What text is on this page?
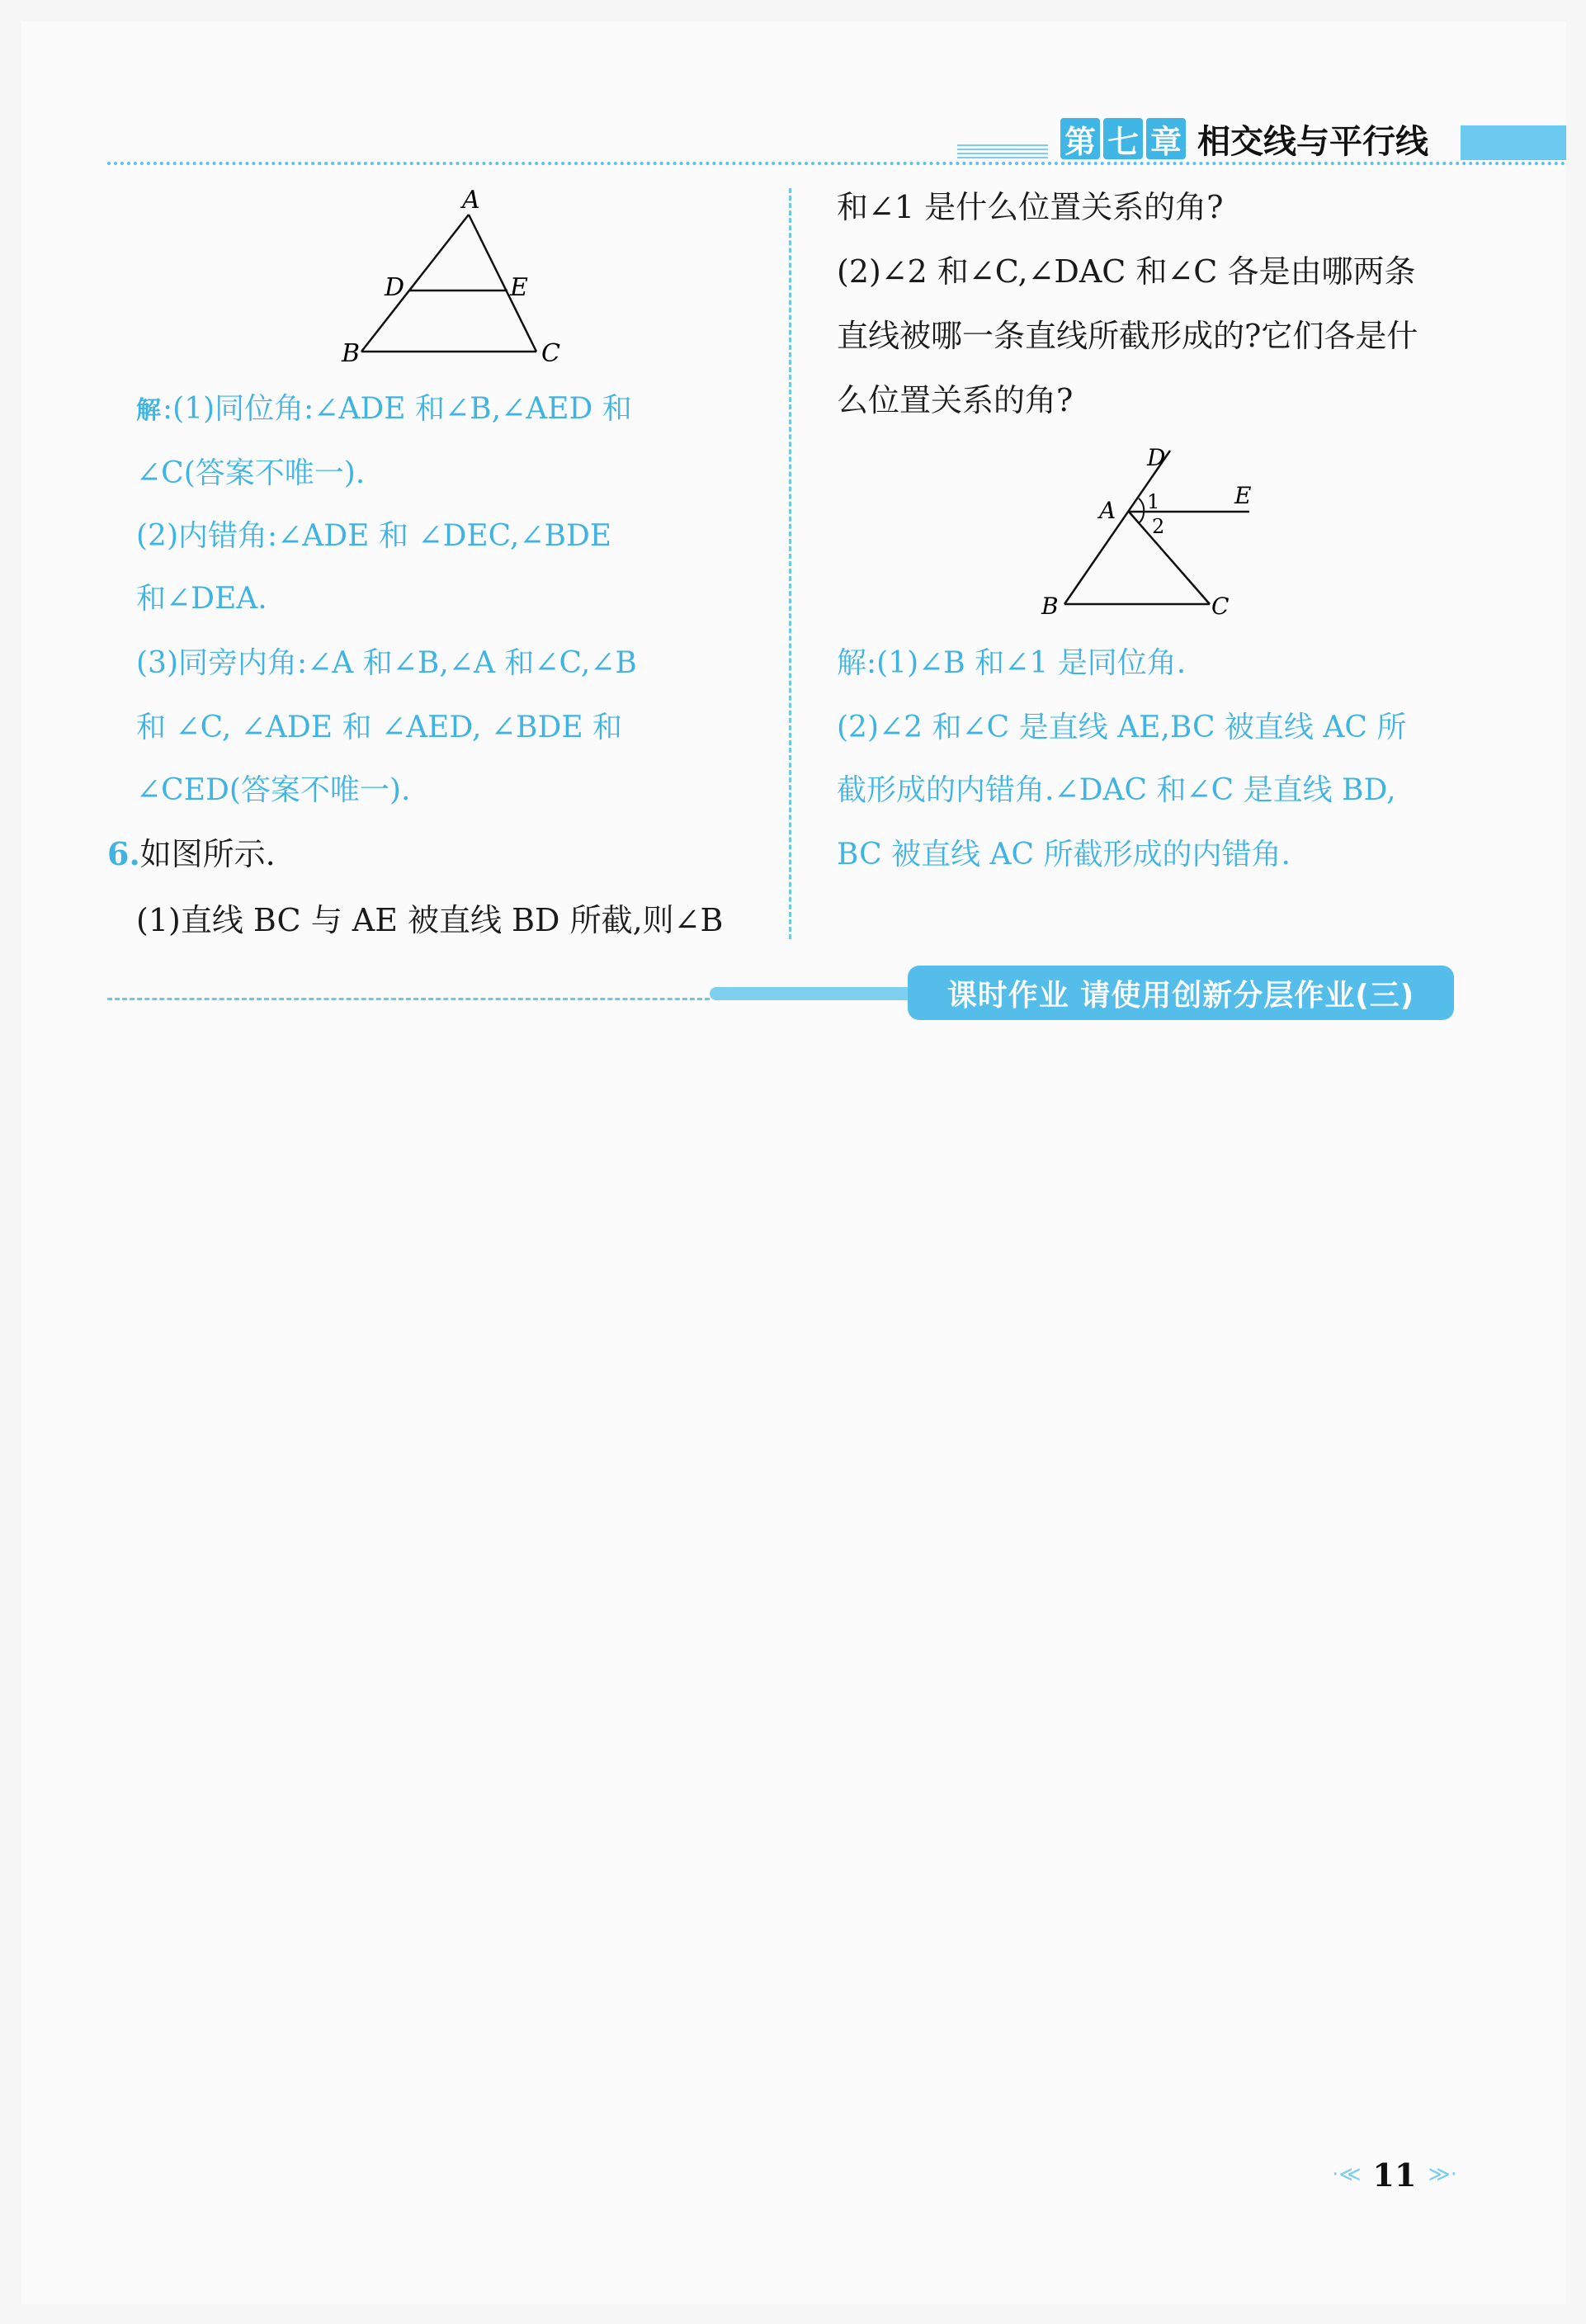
第 七 章 相交线与平行线
A
D	E
B	C
解:(1)同位角:∠ADE 和∠B,∠AED 和
∠C(答案不唯一).
(2)内错角:∠ADE 和 ∠DEC,∠BDE
和∠DEA.
(3)同旁内角:∠A 和∠B,∠A 和∠C,∠B
和 ∠C, ∠ADE 和 ∠AED, ∠BDE 和
∠CED(答案不唯一).
6.如图所示.
(1)直线 BC 与 AE 被直线 BD 所截,则∠B
和∠1 是什么位置关系的角?
(2)∠2 和∠C,∠DAC 和∠C 各是由哪两条
直线被哪一条直线所截形成的?它们各是什
么位置关系的角?
D
A 1
2
E
B	C
解:(1)∠B 和∠1 是同位角.
(2)∠2 和∠C 是直线 AE,BC 被直线 AC 所
截形成的内错角.∠DAC 和∠C 是直线 BD,
BC 被直线 AC 所截形成的内错角.
课时作业 请使用创新分层作业(三)
·≪ 11 ≫·
